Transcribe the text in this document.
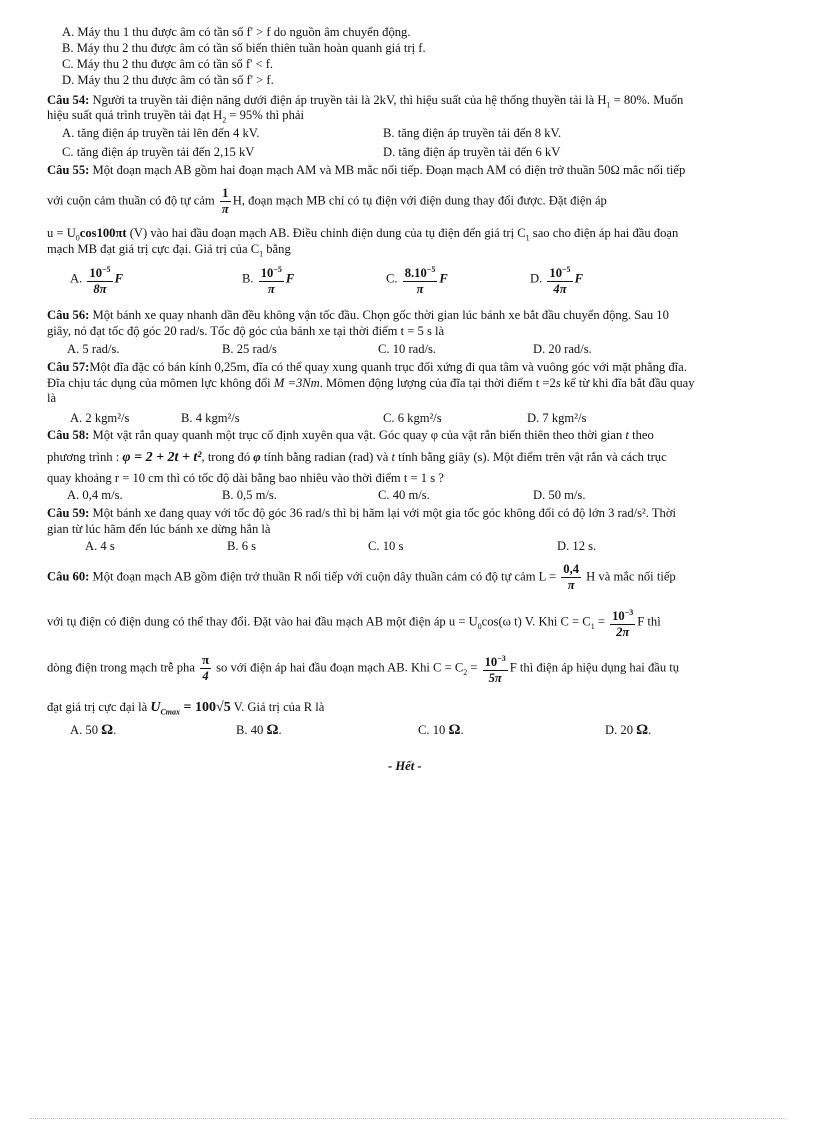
A. Máy thu 1 thu được âm có tần số f' > f do nguồn âm chuyển động.
B. Máy thu 2 thu được âm có tần số biến thiên tuần hoàn quanh giá trị f.
C. Máy thu 2 thu được âm có tần số f' < f.
D. Máy thu 2 thu được âm có tần số f' > f.
Câu 54: Người ta truyền tải điện năng dưới điện áp truyền tải là 2kV, thì hiệu suất của hệ thống thuyền tải là $H_1 = 80\%$. Muốn
hiệu suất quá trình truyền tải đạt $H_2 = 95\%$ thì phải
A. tăng điện áp truyền tải lên đến 4 kV.	B. tăng điện áp truyền tải đến 8 kV.
C. tăng điện áp truyền tải đến 2,15 kV	D. tăng điện áp truyền tải đến 6 kV
Câu 55: Một đoạn mạch AB gồm hai đoạn mạch AM và MB mắc nối tiếp. Đoạn mạch AM có điện trở thuần 50Ω mắc nối tiếp
với cuộn cảm thuần có độ tự cảm $\frac{1}{\pi} H$, đoạn mạch MB chỉ có tụ điện với điện dung thay đổi được. Đặt điện áp
$u = U_0\cos 100\pi t$ (V) vào hai đầu đoạn mạch AB. Điều chỉnh điện dung của tụ điện đến giá trị $C_1$ sao cho điện áp hai đầu đoạn
mạch MB đạt giá trị cực đại. Giá trị của $C_1$ bằng
A. $\frac{10^{-5}}{8\pi}$ F	B. $\frac{10^{-5}}{\pi}$ F	C. $\frac{8.10^{-5}}{\pi}$ F	D. $\frac{10^{-5}}{4\pi}$ F
Câu 56: Một bánh xe quay nhanh dần đều không vận tốc đầu. Chọn gốc thời gian lúc bánh xe bắt đầu chuyển động. Sau 10
giây, nó đạt tốc độ góc 20 rad/s. Tốc độ góc của bánh xe tại thời điểm t = 5 s là
A. 5 rad/s.	B. 25 rad/s	C. 10 rad/s.	D. 20 rad/s.
Câu 57:Một đĩa đặc có bán kính 0,25m, đĩa có thể quay xung quanh trục đối xứng đi qua tâm và vuông góc với mặt phẳng đĩa.
Đĩa chịu tác dụng của mômen lực không đổi M =3Nm. Mômen động lượng của đĩa tại thời điểm t =2s kể từ khi đĩa bắt đầu quay
là
A. 2 kgm²/s	B. 4 kgm²/s	C. 6 kgm²/s	D. 7 kgm²/s
Câu 58: Một vật rắn quay quanh một trục cố định xuyên qua vật. Góc quay φ của vật rắn biến thiên theo thời gian t theo
phương trình : φ = 2 + 2t + t², trong đó φ tính bằng radian (rad) và t tính bằng giây (s). Một điểm trên vật rắn và cách trục
quay khoảng r = 10 cm thì có tốc độ dài bằng bao nhiêu vào thời điểm t = 1 s ?
A. 0,4 m/s.	B. 0,5 m/s.	C. 40 m/s.	D. 50 m/s.
Câu 59: Một bánh xe đang quay với tốc độ góc 36 rad/s thì bị hãm lại với một gia tốc góc không đổi có độ lớn 3 rad/s². Thời
gian từ lúc hãm đến lúc bánh xe dừng hẳn là
A. 4 s	B. 6 s	C. 10 s	D. 12 s.
Câu 60: Một đoạn mạch AB gồm điện trở thuần R nối tiếp với cuộn dây thuần cảm có độ tự cảm $L = \frac{0,4}{\pi}$ H và mắc nối tiếp
với tụ điện có điện dung có thể thay đổi. Đặt vào hai đầu mạch AB một điện áp $u = U_0\cos(\omega$ t) V. Khi $C = C_1 = \frac{10^{-3}}{2\pi}$ F thì
dòng điện trong mạch trễ pha $\frac{\pi}{4}$ so với điện áp hai đầu đoạn mạch AB. Khi $C = C_2 = \frac{10^{-3}}{5\pi}$ F thì điện áp hiệu dụng hai đầu tụ
đạt giá trị cực đại là $U_{Cmax} = 100√5$ V. Giá trị của R là
A. 50 Ω.	B. 40 Ω.	C. 10 Ω.	D. 20 Ω.
- Hết -
